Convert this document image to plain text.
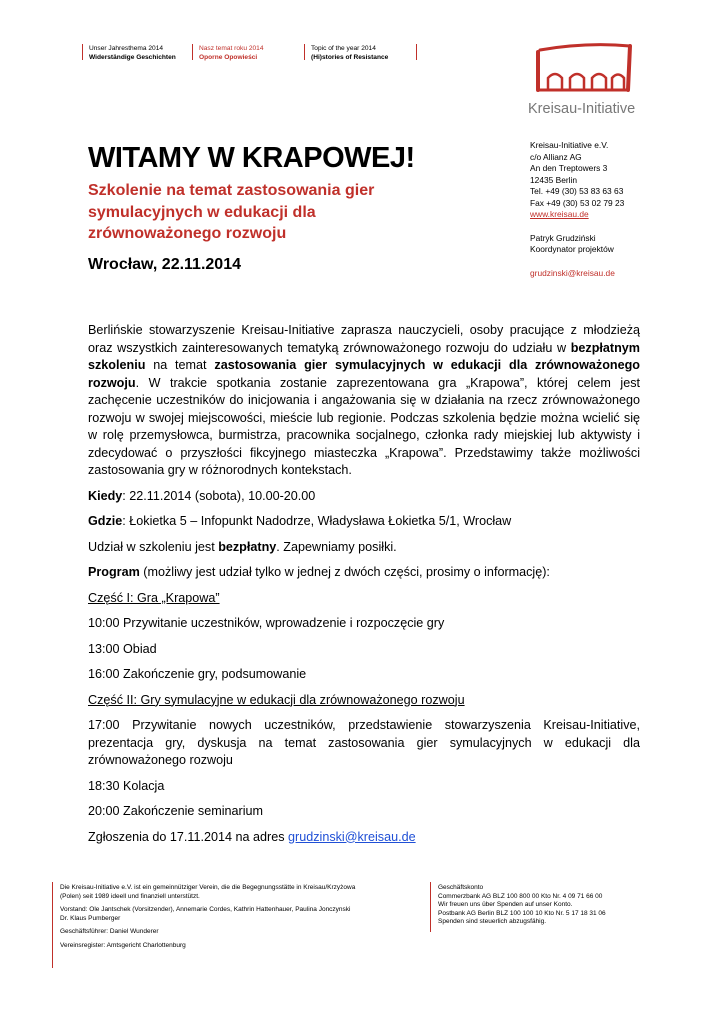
Unser Jahresthema 2014
Widerständige Geschichten
Nasz temat roku 2014
Oporne Opowieści
Topic of the year 2014
(Hi)stories of Resistance
Kreisau-Initiative
WITAMY W KRAPOWEJ!
Szkolenie na temat zastosowania gier
symulacyjnych w edukacji dla
zrównoważonego rozwoju
Wrocław, 22.11.2014
Kreisau-Initiative e.V.
c/o Allianz AG
An den Treptowers 3
12435 Berlin
Tel. +49 (30) 53 83 63 63
Fax +49 (30) 53 02 79 23
www.kreisau.de
Patryk Grudziński
Koordynator projektów
grudzinski@kreisau.de

Berlińskie stowarzyszenie Kreisau-Initiative zaprasza nauczycieli, osoby pracujące z młodzieżą oraz wszystkich zainteresowanych tematyką zrównoważonego rozwoju do udziału w bezpłatnym szkoleniu na temat zastosowania gier symulacyjnych w edukacji dla zrównoważonego rozwoju. W trakcie spotkania zostanie zaprezentowana gra „Krapowa”, której celem jest zachęcenie uczestników do inicjowania i angażowania się w działania na rzecz zrównoważonego rozwoju w swojej miejscowości, mieście lub regionie. Podczas szkolenia będzie można wcielić się w rolę przemysłowca, burmistrza, pracownika socjalnego, członka rady miejskiej lub aktywisty i zdecydować o przyszłości fikcyjnego miasteczka „Krapowa”. Przedstawimy także możliwości zastosowania gry w różnorodnych kontekstach.

Kiedy: 22.11.2014 (sobota), 10.00-20.00

Gdzie: Łokietka 5 – Infopunkt Nadodrze, Władysława Łokietka 5/1, Wrocław

Udział w szkoleniu jest bezpłatny. Zapewniamy posiłki.

Program (możliwy jest udział tylko w jednej z dwóch części, prosimy o informację):

Część I: Gra „Krapowa”

10:00 Przywitanie uczestników, wprowadzenie i rozpoczęcie gry

13:00 Obiad

16:00 Zakończenie gry, podsumowanie

Część II: Gry symulacyjne w edukacji dla zrównoważonego rozwoju

17:00 Przywitanie nowych uczestników, przedstawienie stowarzyszenia Kreisau-Initiative, prezentacja gry, dyskusja na temat zastosowania gier symulacyjnych w edukacji dla zrównoważonego rozwoju

18:30 Kolacja

20:00 Zakończenie seminarium

Zgłoszenia do 17.11.2014 na adres grudzinski@kreisau.de

Die Kreisau-Initiative e.V. ist ein gemeinnütziger Verein, die die Begegnungsstätte in Kreisau/Krzyżowa
(Polen) seit 1989 ideell und finanziell unterstützt.
Vorstand: Ole Jantschek (Vorsitzender), Annemarie Cordes, Kathrin Hattenhauer, Paulina Jonczynski
Dr. Klaus Pumberger
Geschäftsführer: Daniel Wunderer
Vereinsregister: Amtsgericht Charlottenburg
Geschäftskonto
Commerzbank AG BLZ 100 800 00 Kto Nr. 4 09 71 66 00
Wir freuen uns über Spenden auf unser Konto.
Postbank AG Berlin BLZ 100 100 10 Kto Nr. 5 17 18 31 06
Spenden sind steuerlich abzugsfähig.
